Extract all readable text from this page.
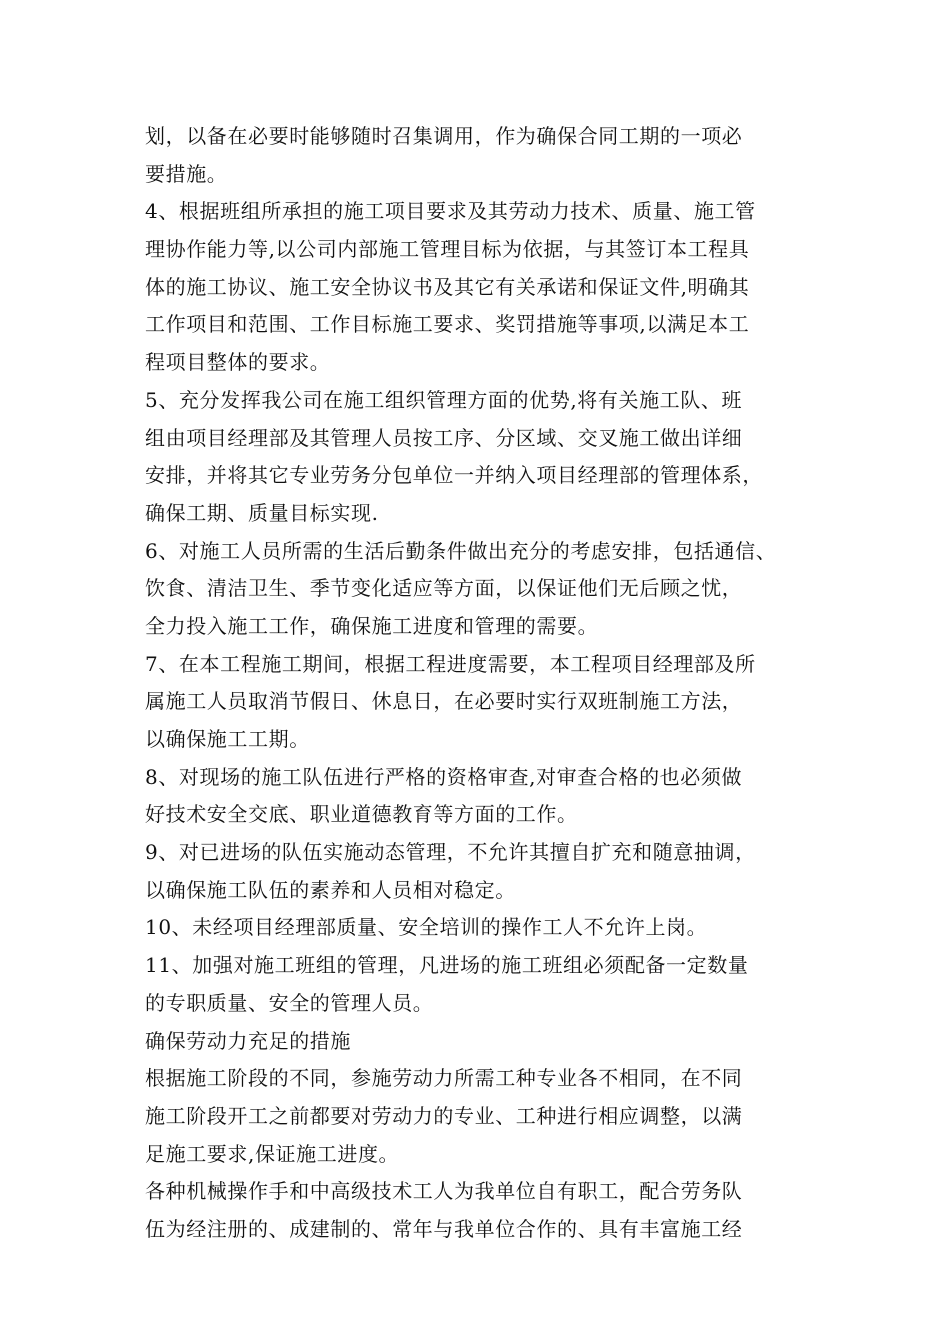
划，以备在必要时能够随时召集调用，作为确保合同工期的一项必
要措施。
4、根据班组所承担的施工项目要求及其劳动力技术、质量、施工管
理协作能力等,以公司内部施工管理目标为依据，与其签订本工程具
体的施工协议、施工安全协议书及其它有关承诺和保证文件,明确其
工作项目和范围、工作目标施工要求、奖罚措施等事项,以满足本工
程项目整体的要求。
5、充分发挥我公司在施工组织管理方面的优势,将有关施工队、班
组由项目经理部及其管理人员按工序、分区域、交叉施工做出详细
安排，并将其它专业劳务分包单位一并纳入项目经理部的管理体系，
确保工期、质量目标实现.
6、对施工人员所需的生活后勤条件做出充分的考虑安排，包括通信、
饮食、清洁卫生、季节变化适应等方面，以保证他们无后顾之忧，
全力投入施工工作，确保施工进度和管理的需要。
7、在本工程施工期间，根据工程进度需要，本工程项目经理部及所
属施工人员取消节假日、休息日，在必要时实行双班制施工方法，
以确保施工工期。
8、对现场的施工队伍进行严格的资格审查,对审查合格的也必须做
好技术安全交底、职业道德教育等方面的工作。
9、对已进场的队伍实施动态管理，不允许其擅自扩充和随意抽调，
以确保施工队伍的素养和人员相对稳定。
10、未经项目经理部质量、安全培训的操作工人不允许上岗。
11、加强对施工班组的管理，凡进场的施工班组必须配备一定数量
的专职质量、安全的管理人员。
确保劳动力充足的措施
根据施工阶段的不同，参施劳动力所需工种专业各不相同，在不同
施工阶段开工之前都要对劳动力的专业、工种进行相应调整，以满
足施工要求,保证施工进度。
各种机械操作手和中高级技术工人为我单位自有职工，配合劳务队
伍为经注册的、成建制的、常年与我单位合作的、具有丰富施工经
